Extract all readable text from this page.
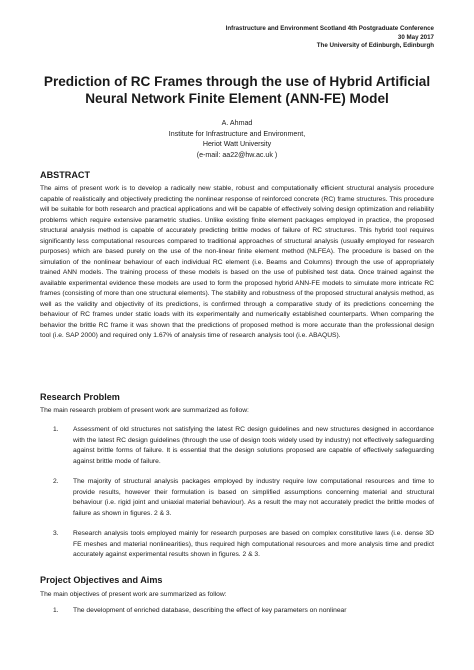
Infrastructure and Environment Scotland 4th Postgraduate Conference
30 May 2017
The University of Edinburgh, Edinburgh
Prediction of RC Frames through the use of Hybrid Artificial
Neural Network Finite Element (ANN-FE) Model
A. Ahmad
Institute for Infrastructure and Environment,
Heriot Watt University
(e-mail: aa22@hw.ac.uk )
ABSTRACT
The aims of present work is to develop a radically new stable, robust and computationally efficient structural analysis procedure capable of realistically and objectively predicting the nonlinear response of reinforced concrete (RC) frame structures. This procedure will be suitable for both research and practical applications and will be capable of effectively solving design optimization and reliability problems which require extensive parametric studies. Unlike existing finite element packages employed in practice, the proposed structural analysis method is capable of accurately predicting brittle modes of failure of RC structures. This hybrid tool requires significantly less computational resources compared to traditional approaches of structural analysis (usually employed for research purposes) which are based purely on the use of the non-linear finite element method (NLFEA). The procedure is based on the simulation of the nonlinear behaviour of each individual RC element (i.e. Beams and Columns) through the use of appropriately trained ANN models. The training process of these models is based on the use of published test data. Once trained against the available experimental evidence these models are used to form the proposed hybrid ANN-FE models to simulate more intricate RC frames (consisting of more than one structural elements). The stability and robustness of the proposed structural analysis method, as well as the validity and objectivity of its predictions, is confirmed through a comparative study of its predictions concerning the behaviour of RC frames under static loads with its experimentally and numerically established counterparts. When comparing the behavior the brittle RC frame it was shown that the predictions of proposed method is more accurate than the professional design tool (i.e. SAP 2000) and required only 1.67% of analysis time of research analysis tool (i.e. ABAQUS).
Research Problem
The main research problem of present work are summarized as follow:
1.	Assessment of old structures not satisfying the latest RC design guidelines and new structures designed in accordance with the latest RC design guidelines (through the use of design tools widely used by industry) not effectively safeguarding against brittle forms of failure. It is essential that the design solutions proposed are capable of effectively safeguarding against brittle mode of failure.
2.	The majority of structural analysis packages employed by industry require low computational resources and time to provide results, however their formulation is based on simplified assumptions concerning material and structural behaviour (i.e. rigid joint and uniaxial material behaviour). As a result the may not accurately predict the brittle modes of failure as shown in figures. 2 & 3.
3.	Research analysis tools employed mainly for research purposes are based on complex constitutive laws (i.e. dense 3D FE meshes and material nonlinearities), thus required high computational resources and more analysis time and predict accurately against experimental results shown in figures. 2 & 3.
Project Objectives and Aims
The main objectives of present work are summarized as follow:
1.	The development of enriched database, describing the effect of key parameters on nonlinear
